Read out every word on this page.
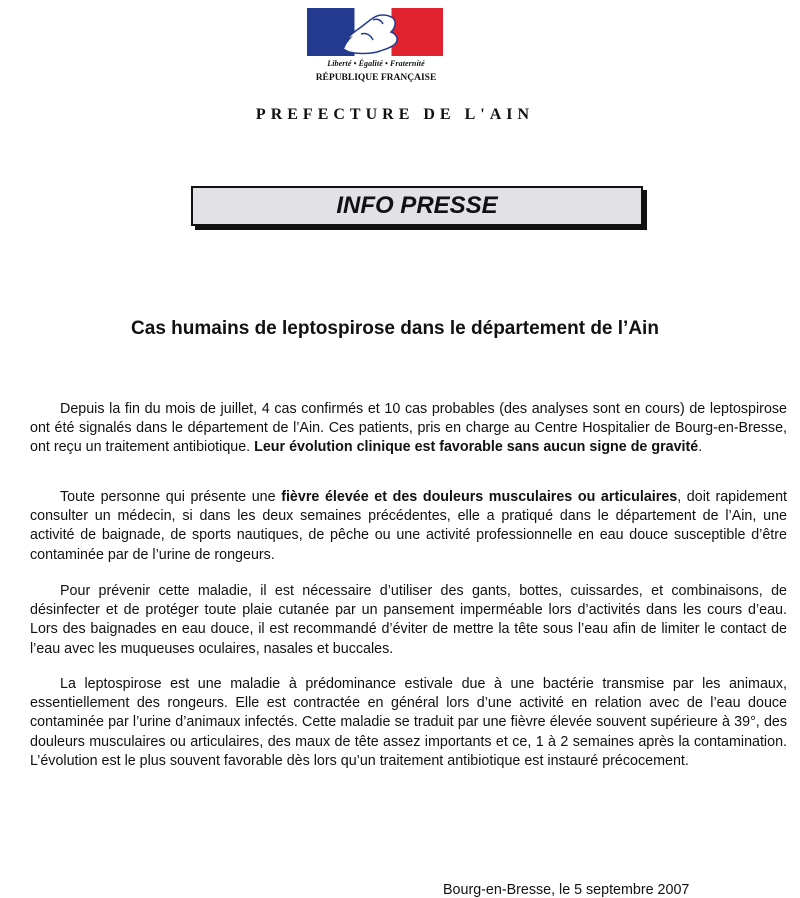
Liberté • Égalité • Fraternité
RÉPUBLIQUE FRANÇAISE
PREFECTURE DE L'AIN
INFO PRESSE
Cas humains de leptospirose dans le département de l’Ain

Depuis la fin du mois de juillet, 4 cas confirmés et 10 cas probables (des analyses sont en cours) de leptospirose ont été signalés dans le département de l’Ain. Ces patients, pris en charge au Centre Hospitalier de Bourg-en-Bresse, ont reçu un traitement antibiotique. Leur évolution clinique est favorable sans aucun signe de gravité.

Toute personne qui présente une fièvre élevée et des douleurs musculaires ou articulaires, doit rapidement consulter un médecin, si dans les deux semaines précédentes, elle a pratiqué dans le département de l’Ain, une activité de baignade, de sports nautiques, de pêche ou une activité professionnelle en eau douce susceptible d’être contaminée par de l’urine de rongeurs.

Pour prévenir cette maladie, il est nécessaire d’utiliser des gants, bottes, cuissardes, et combinaisons, de désinfecter et de protéger toute plaie cutanée par un pansement imperméable lors d’activités dans les cours d’eau. Lors des baignades en eau douce, il est recommandé d’éviter de mettre la tête sous l’eau afin de limiter le contact de l’eau avec les muqueuses oculaires, nasales et buccales.

La leptospirose est une maladie à prédominance estivale due à une bactérie transmise par les animaux, essentiellement des rongeurs. Elle est contractée en général lors d’une activité en relation avec de l’eau douce contaminée par l’urine d’animaux infectés. Cette maladie se traduit par une fièvre élevée souvent supérieure à 39°, des douleurs musculaires ou articulaires, des maux de tête assez importants et ce, 1 à 2 semaines après la contamination. L’évolution est le plus souvent favorable dès lors qu’un traitement antibiotique est instauré précocement.

Bourg-en-Bresse, le 5 septembre 2007
